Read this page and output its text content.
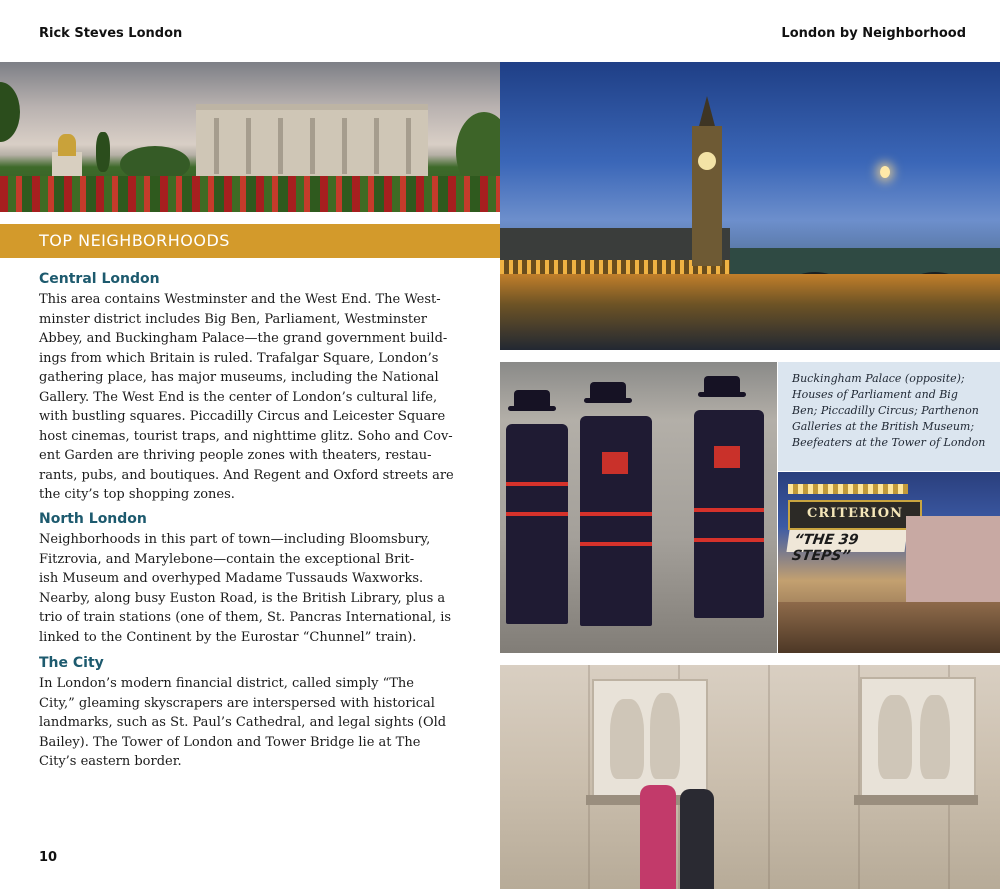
Rick Steves London	London by Neighborhood
TOP NEIGHBORHOODS
Central London

This area contains Westminster and the West End. The West-
minster district includes Big Ben, Parliament, Westminster
Abbey, and Buckingham Palace—the grand government build-
ings from which Britain is ruled. Trafalgar Square, London’s
gathering place, has major museums, including the National
Gallery. The West End is the center of London’s cultural life,
with bustling squares. Piccadilly Circus and Leicester Square
host cinemas, tourist traps, and nighttime glitz. Soho and Cov-
ent Garden are thriving people zones with theaters, restau-
rants, pubs, and boutiques. And Regent and Oxford streets are
the city’s top shopping zones.

North London

Neighborhoods in this part of town—including Bloomsbury,
Fitzrovia, and Marylebone—contain the exceptional Brit-
ish Museum and overhyped Madame Tussauds Waxworks.
Nearby, along busy Euston Road, is the British Library, plus a
trio of train stations (one of them, St. Pancras International, is
linked to the Continent by the Eurostar “Chunnel” train).

The City

In London’s modern financial district, called simply “The
City,” gleaming skyscrapers are interspersed with historical
landmarks, such as St. Paul’s Cathedral, and legal sights (Old
Bailey). The Tower of London and Tower Bridge lie at The
City’s eastern border.

10

Buckingham Palace (opposite);
Houses of Parliament and Big
Ben; Piccadilly Circus; Parthenon
Galleries at the British Museum;
Beefeaters at the Tower of London

CRITERION
“THE 39 STEPS”
